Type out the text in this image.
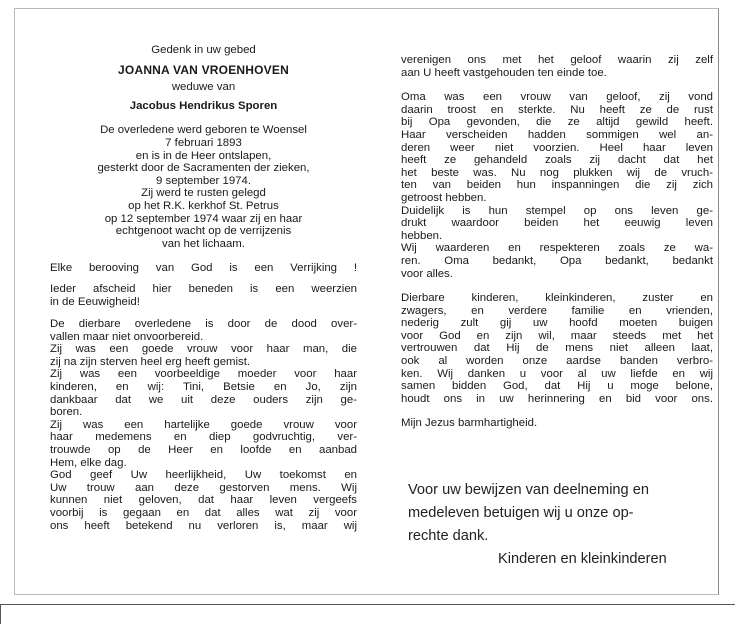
Gedenk in uw gebed

JOANNA VAN VROENHOVEN

weduwe van

Jacobus Hendrikus Sporen

De overledene werd geboren te Woensel

7 februari 1893

en is in de Heer ontslapen,

gesterkt door de Sacramenten der zieken,

9 september 1974.

Zij werd te rusten gelegd

op het R.K. kerkhof St. Petrus

op 12 september 1974 waar zij en haar

echtgenoot wacht op de verrijzenis

van het lichaam.

Elke berooving van God is een Verrijking !

Ieder afscheid hier beneden is een weerzien

in de Eeuwigheid!

De dierbare overledene is door de dood over-

vallen maar niet onvoorbereid.

Zij was een goede vrouw voor haar man, die

zij na zijn sterven heel erg heeft gemist.

Zij was een voorbeeldige moeder voor haar

kinderen, en wij: Tini, Betsie en Jo, zijn

dankbaar dat we uit deze ouders zijn ge-

boren.

Zij was een hartelijke goede vrouw voor

haar medemens en diep godvruchtig, ver-

trouwde op de Heer en loofde en aanbad

Hem, elke dag.

God geef Uw heerlijkheid, Uw toekomst en

Uw trouw aan deze gestorven mens. Wij

kunnen niet geloven, dat haar leven vergeefs

voorbij is gegaan en dat alles wat zij voor

ons heeft betekend nu verloren is, maar wij

verenigen ons met het geloof waarin zij zelf

aan U heeft vastgehouden ten einde toe.

Oma was een vrouw van geloof, zij vond

daarin troost en sterkte. Nu heeft ze de rust

bij Opa gevonden, die ze altijd gewild heeft.

Haar verscheiden hadden sommigen wel an-

deren weer niet voorzien. Heel haar leven

heeft ze gehandeld zoals zij dacht dat het

het beste was. Nu nog plukken wij de vruch-

ten van beiden hun inspanningen die zij zich

getroost hebben.

Duidelijk is hun stempel op ons leven ge-

drukt waardoor beiden het eeuwig leven

hebben.

Wij waarderen en respekteren zoals ze wa-

ren. Oma bedankt, Opa bedankt, bedankt

voor alles.

Dierbare kinderen, kleinkinderen, zuster en

zwagers, en verdere familie en vrienden,

nederig zult gij uw hoofd moeten buigen

voor God en zijn wil, maar steeds met het

vertrouwen dat Hij de mens niet alleen laat,

ook al worden onze aardse banden verbro-

ken. Wij danken u voor al uw liefde en wij

samen bidden God, dat Hij u moge belone,

houdt ons in uw herinnering en bid voor ons.

Mijn Jezus barmhartigheid.

Voor uw bewijzen van deelneming en

medeleven betuigen wij u onze op-

rechte dank.

Kinderen en kleinkinderen
